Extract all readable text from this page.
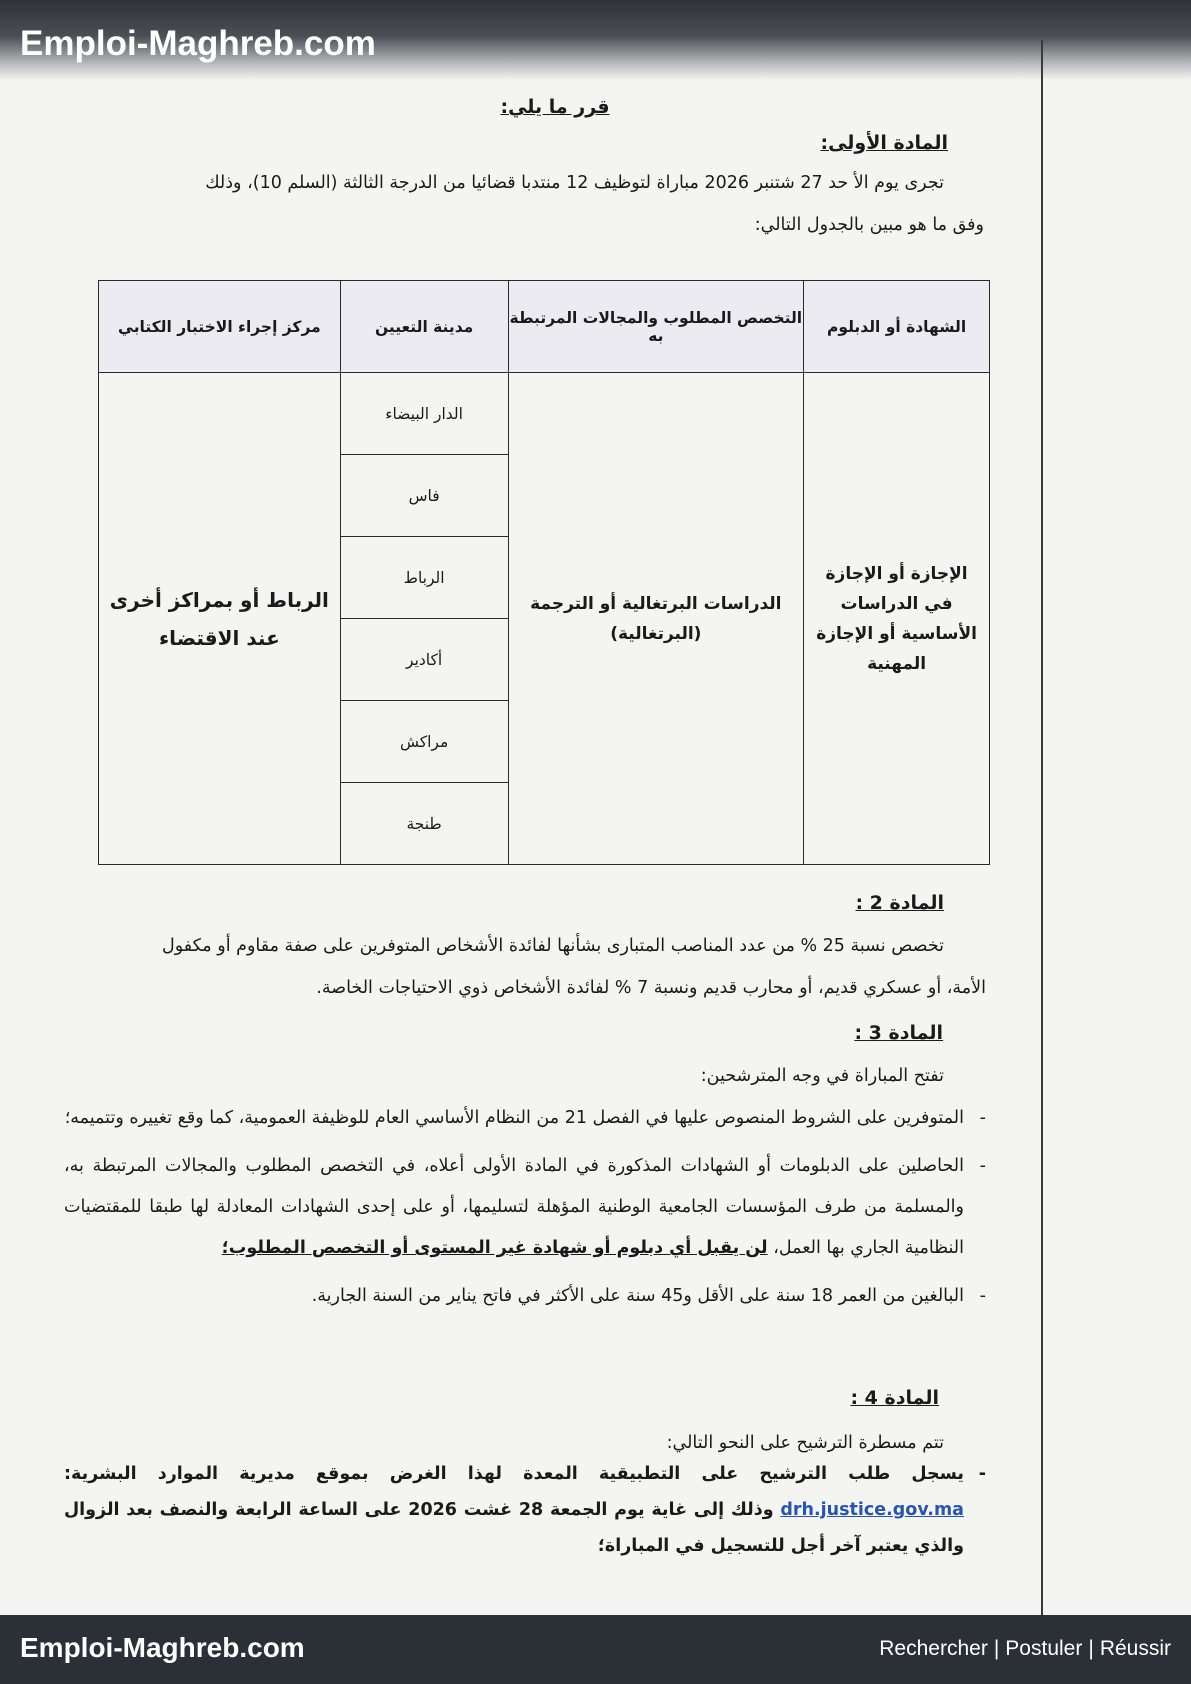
Emploi-Maghreb.com
قرر ما يلي:
المادة الأولى:
تجرى يوم الأ حد 27 شتنبر 2026 مباراة لتوظيف 12 منتدبا قضائيا من الدرجة الثالثة (السلم 10)، وذلك
وفق ما هو مبين بالجدول التالي:
الشهادة أو الدبلوم	التخصص المطلوب والمجالات المرتبطة به	مدينة التعيين	مركز إجراء الاختبار الكتابي
الإجازة أو الإجازة في الدراسات الأساسية أو الإجازة المهنية	الدراسات البرتغالية أو الترجمة (البرتغالية)	الدار البيضاء	الرباط أو بمراكز أخرى عند الاقتضاء
		فاس	
		الرباط	
		أكادير	
		مراكش	
		طنجة	
المادة 2 :
تخصص نسبة 25 % من عدد المناصب المتبارى بشأنها لفائدة الأشخاص المتوفرين على صفة مقاوم أو مكفول
الأمة، أو عسكري قديم، أو محارب قديم ونسبة 7 % لفائدة الأشخاص ذوي الاحتياجات الخاصة.
المادة 3 :
تفتح المباراة في وجه المترشحين:
-
المتوفرين على الشروط المنصوص عليها في الفصل 21 من النظام الأساسي العام للوظيفة العمومية، كما وقع تغييره وتتميمه؛
-
الحاصلين على الدبلومات أو الشهادات المذكورة في المادة الأولى أعلاه، في التخصص المطلوب والمجالات المرتبطة به، والمسلمة من طرف المؤسسات الجامعية الوطنية المؤهلة لتسليمها، أو على إحدى الشهادات المعادلة لها طبقا للمقتضيات النظامية الجاري بها العمل، لن يقبل أي دبلوم أو شهادة غير المستوى أو التخصص المطلوب؛
-
البالغين من العمر 18 سنة على الأقل و45 سنة على الأكثر في فاتح يناير من السنة الجارية.
المادة 4 :
تتم مسطرة الترشيح على النحو التالي:
-
يسجل طلب الترشيح على التطبيقية المعدة لهذا الغرض بموقع مديرية الموارد البشرية: drh.justice.gov.ma وذلك إلى غاية يوم الجمعة 28 غشت 2026 على الساعة الرابعة والنصف بعد الزوال والذي يعتبر آخر أجل للتسجيل في المباراة؛
Emploi-Maghreb.com	Rechercher | Postuler | Réussir
